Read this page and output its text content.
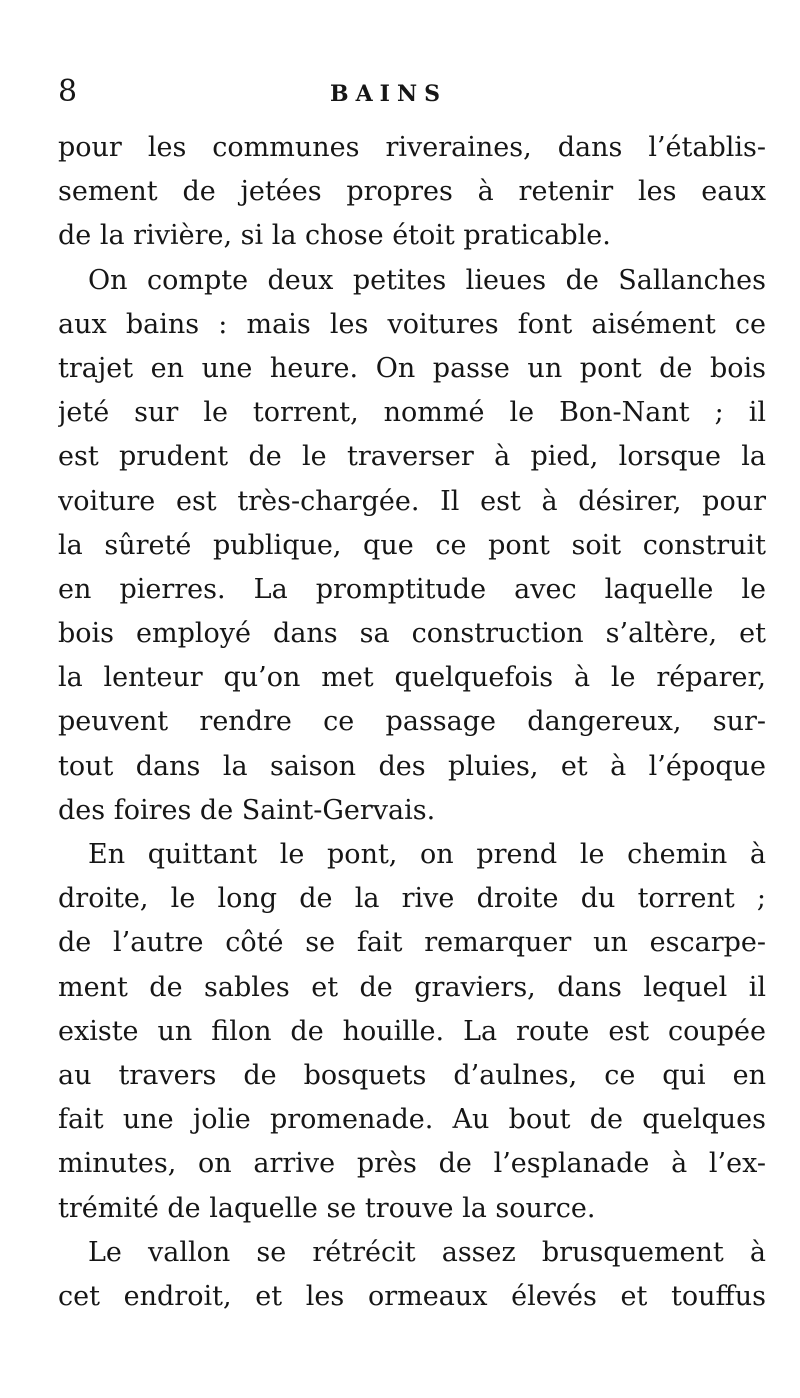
8	BAINS
pour les communes riveraines, dans l’établis-
sement de jetées propres à retenir les eaux
de la rivière, si la chose étoit praticable.
On compte deux petites lieues de Sallanches
aux bains : mais les voitures font aisément ce
trajet en une heure. On passe un pont de bois
jeté sur le torrent, nommé le Bon-Nant ; il
est prudent de le traverser à pied, lorsque la
voiture est très-chargée. Il est à désirer, pour
la sûreté publique, que ce pont soit construit
en pierres. La promptitude avec laquelle le
bois employé dans sa construction s’altère, et
la lenteur qu’on met quelquefois à le réparer,
peuvent rendre ce passage dangereux, sur-
tout dans la saison des pluies, et à l’époque
des foires de Saint-Gervais.
En quittant le pont, on prend le chemin à
droite, le long de la rive droite du torrent ;
de l’autre côté se fait remarquer un escarpe-
ment de sables et de graviers, dans lequel il
existe un filon de houille. La route est coupée
au travers de bosquets d’aulnes, ce qui en
fait une jolie promenade. Au bout de quelques
minutes, on arrive près de l’esplanade à l’ex-
trémité de laquelle se trouve la source.
Le vallon se rétrécit assez brusquement à
cet endroit, et les ormeaux élevés et touffus
